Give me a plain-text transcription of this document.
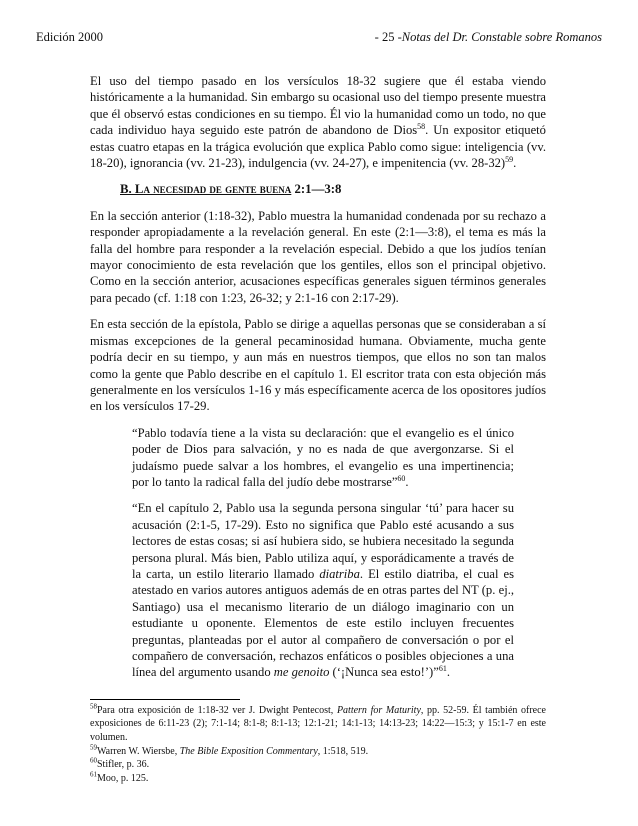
Edición 2000	- 25 -Notas del Dr. Constable sobre Romanos

El uso del tiempo pasado en los versículos 18-32 sugiere que él estaba viendo históricamente a la humanidad. Sin embargo su ocasional uso del tiempo presente muestra que él observó estas condiciones en su tiempo. Él vio la humanidad como un todo, no que cada individuo haya seguido este patrón de abandono de Dios$^{58}$. Un expositor etiquetó estas cuatro etapas en la trágica evolución que explica Pablo como sigue: inteligencia (vv. 18-20), ignorancia (vv. 21-23), indulgencia (vv. 24-27), e impenitencia (vv. 28-32)$^{59}$.

B. La necesidad de gente buena 2:1—3:8

En la sección anterior (1:18-32), Pablo muestra la humanidad condenada por su rechazo a responder apropiadamente a la revelación general. En este (2:1—3:8), el tema es más la falla del hombre para responder a la revelación especial. Debido a que los judíos tenían mayor conocimiento de esta revelación que los gentiles, ellos son el principal objetivo. Como en la sección anterior, acusaciones específicas generales siguen términos generales para pecado (cf. 1:18 con 1:23, 26-32; y 2:1-16 con 2:17-29).

En esta sección de la epístola, Pablo se dirige a aquellas personas que se consideraban a sí mismas excepciones de la general pecaminosidad humana. Obviamente, mucha gente podría decir en su tiempo, y aun más en nuestros tiempos, que ellos no son tan malos como la gente que Pablo describe en el capítulo 1. El escritor trata con esta objeción más generalmente en los versículos 1-16 y más específicamente acerca de los opositores judíos en los versículos 17-29.

“Pablo todavía tiene a la vista su declaración: que el evangelio es el único poder de Dios para salvación, y no es nada de que avergonzarse. Si el judaísmo puede salvar a los hombres, el evangelio es una impertinencia; por lo tanto la radical falla del judío debe mostrarse”$^{60}$.

“En el capítulo 2, Pablo usa la segunda persona singular ‘tú’ para hacer su acusación (2:1-5, 17-29). Esto no significa que Pablo esté acusando a sus lectores de estas cosas; si así hubiera sido, se hubiera necesitado la segunda persona plural. Más bien, Pablo utiliza aquí, y esporádicamente a través de la carta, un estilo literario llamado diatriba. El estilo diatriba, el cual es atestado en varios autores antiguos además de en otras partes del NT (p. ej., Santiago) usa el mecanismo literario de un diálogo imaginario con un estudiante u oponente. Elementos de este estilo incluyen frecuentes preguntas, planteadas por el autor al compañero de conversación o por el compañero de conversación, rechazos enfáticos o posibles objeciones a una línea del argumento usando me genoito (‘¡Nunca sea esto!’)”$^{61}$.

$^{58}$Para otra exposición de 1:18-32 ver J. Dwight Pentecost, Pattern for Maturity, pp. 52-59. Él también ofrece exposiciones de 6:11-23 (2); 7:1-14; 8:1-8; 8:1-13; 12:1-21; 14:1-13; 14:13-23; 14:22—15:3; y 15:1-7 en este volumen.
$^{59}$Warren W. Wiersbe, The Bible Exposition Commentary, 1:518, 519.
$^{60}$Stifler, p. 36.
$^{61}$Moo, p. 125.
